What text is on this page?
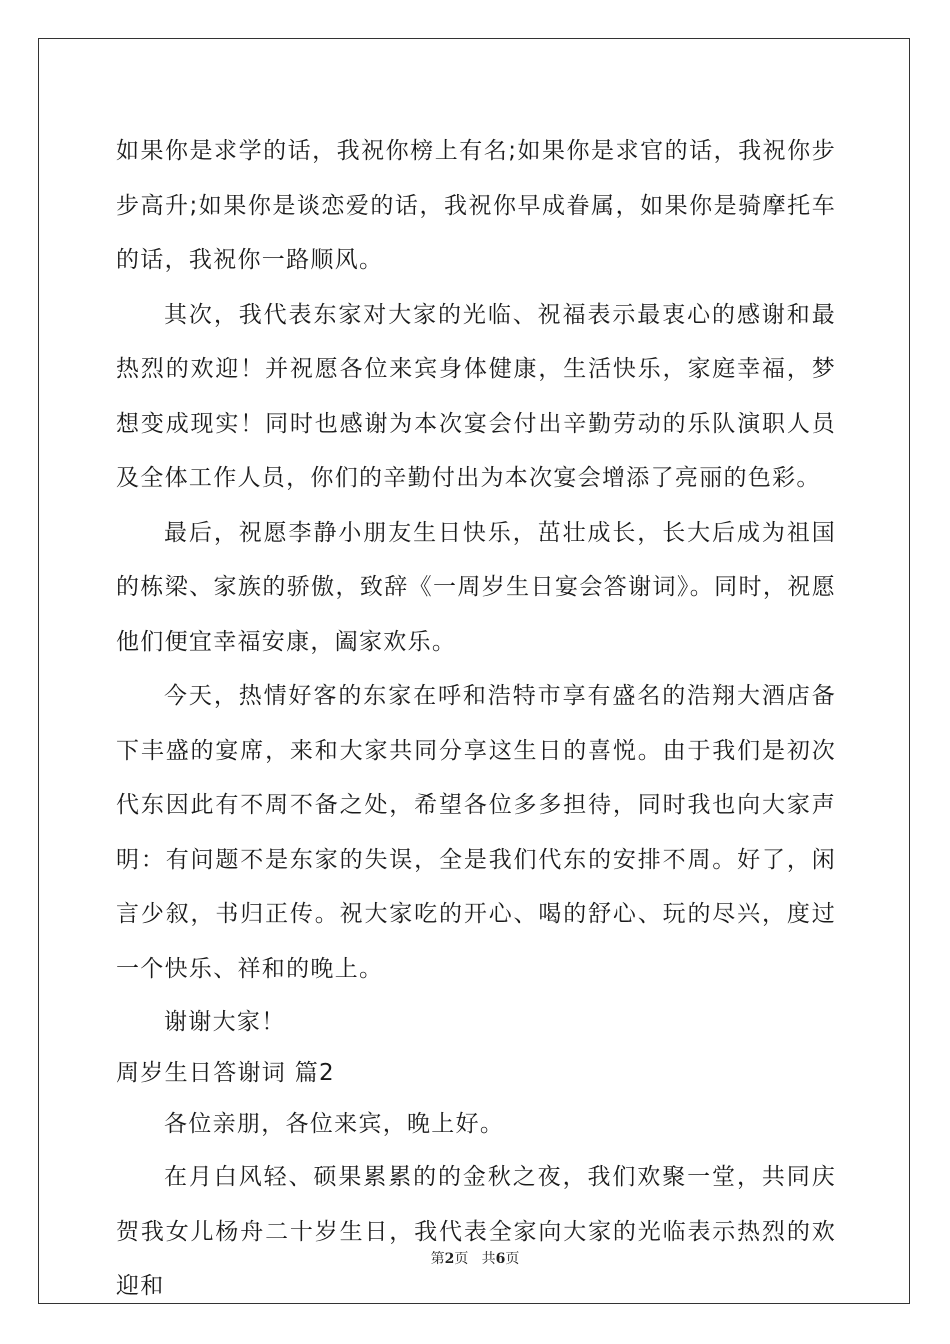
如果你是求学的话，我祝你榜上有名;如果你是求官的话，我祝你步步高升;如果你是谈恋爱的话，我祝你早成眷属，如果你是骑摩托车的话，我祝你一路顺风。

其次，我代表东家对大家的光临、祝福表示最衷心的感谢和最热烈的欢迎！并祝愿各位来宾身体健康，生活快乐，家庭幸福，梦想变成现实！同时也感谢为本次宴会付出辛勤劳动的乐队演职人员及全体工作人员，你们的辛勤付出为本次宴会增添了亮丽的色彩。

最后，祝愿李静小朋友生日快乐，茁壮成长，长大后成为祖国的栋梁、家族的骄傲，致辞《一周岁生日宴会答谢词》。同时，祝愿他们便宜幸福安康，阖家欢乐。

今天，热情好客的东家在呼和浩特市享有盛名的浩翔大酒店备下丰盛的宴席，来和大家共同分享这生日的喜悦。由于我们是初次代东因此有不周不备之处，希望各位多多担待，同时我也向大家声明：有问题不是东家的失误，全是我们代东的安排不周。好了，闲言少叙，书归正传。祝大家吃的开心、喝的舒心、玩的尽兴，度过一个快乐、祥和的晚上。

谢谢大家！

周岁生日答谢词 篇2

各位亲朋，各位来宾，晚上好。

在月白风轻、硕果累累的的金秋之夜，我们欢聚一堂，共同庆贺我女儿杨舟二十岁生日，我代表全家向大家的光临表示热烈的欢迎和

第2页 共6页
